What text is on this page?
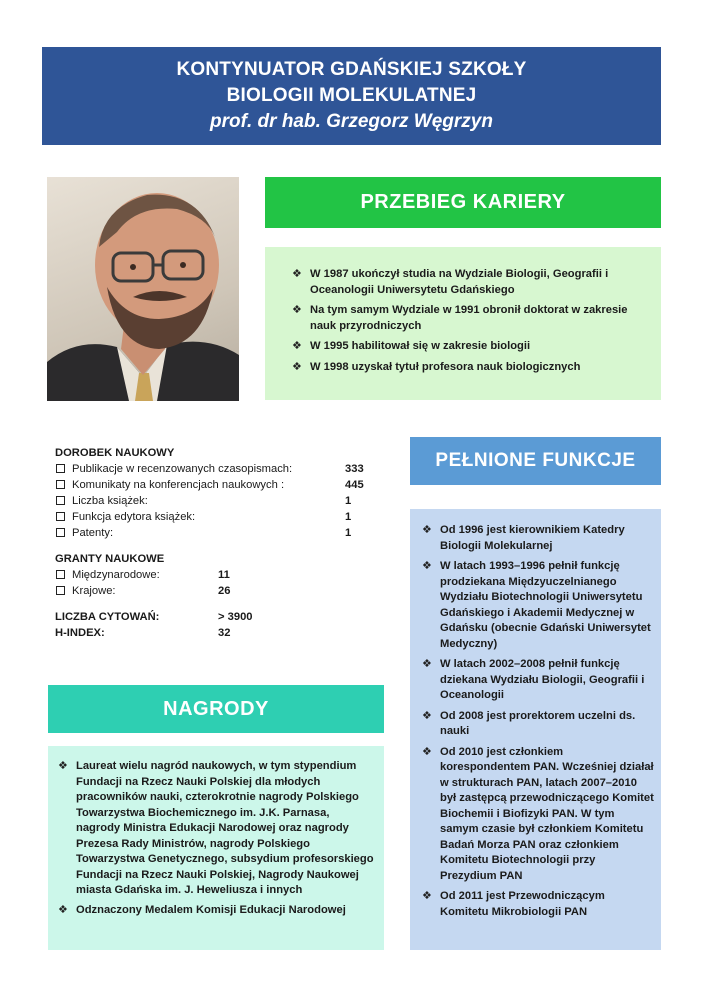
KONTYNUATOR GDAŃSKIEJ SZKOŁY
BIOLOGII MOLEKULATNEJ
prof. dr hab. Grzegorz Węgrzyn
PRZEBIEG KARIERY
❖ W 1987 ukończył studia na Wydziale Biologii, Geografii i Oceanologii Uniwersytetu Gdańskiego
❖ Na tym samym Wydziale w 1991 obronił doktorat w zakresie nauk przyrodniczych
❖ W 1995 habilitował się w zakresie biologii
❖ W 1998 uzyskał tytuł profesora nauk biologicznych
DOROBEK NAUKOWY
Publikacje w recenzowanych czasopismach:	333
Komunikaty na konferencjach naukowych :	445
Liczba książek:	1
Funkcja edytora książek:	1
Patenty:	1
GRANTY NAUKOWE
Międzynarodowe:	11
Krajowe:	26
LICZBA CYTOWAŃ:	> 3900
H-INDEX:	32
PEŁNIONE FUNKCJE
❖ Od 1996 jest kierownikiem Katedry Biologii Molekularnej
❖ W latach 1993–1996 pełnił funkcję prodziekana Międzyuczelnianego Wydziału Biotechnologii Uniwersytetu Gdańskiego i Akademii Medycznej w Gdańsku (obecnie Gdański Uniwersytet Medyczny)
❖ W latach 2002–2008 pełnił funkcję dziekana Wydziału Biologii, Geografii i Oceanologii
❖ Od 2008 jest prorektorem uczelni ds. nauki
❖ Od 2010 jest członkiem korespondentem PAN. Wcześniej działał w strukturach PAN, latach 2007–2010 był zastępcą przewodniczącego Komitet Biochemii i Biofizyki PAN. W tym samym czasie był członkiem Komitetu Badań Morza PAN oraz członkiem Komitetu Biotechnologii przy Prezydium PAN
❖ Od 2011 jest Przewodniczącym Komitetu Mikrobiologii PAN
NAGRODY
❖ Laureat wielu nagród naukowych, w tym stypendium Fundacji na Rzecz Nauki Polskiej dla młodych pracowników nauki, czterokrotnie nagrody Polskiego Towarzystwa Biochemicznego im. J.K. Parnasa, nagrody Ministra Edukacji Narodowej oraz nagrody Prezesa Rady Ministrów, nagrody Polskiego Towarzystwa Genetycznego, subsydium profesorskiego Fundacji na Rzecz Nauki Polskiej, Nagrody Naukowej miasta Gdańska im. J. Heweliusza i innych
❖ Odznaczony Medalem Komisji Edukacji Narodowej
